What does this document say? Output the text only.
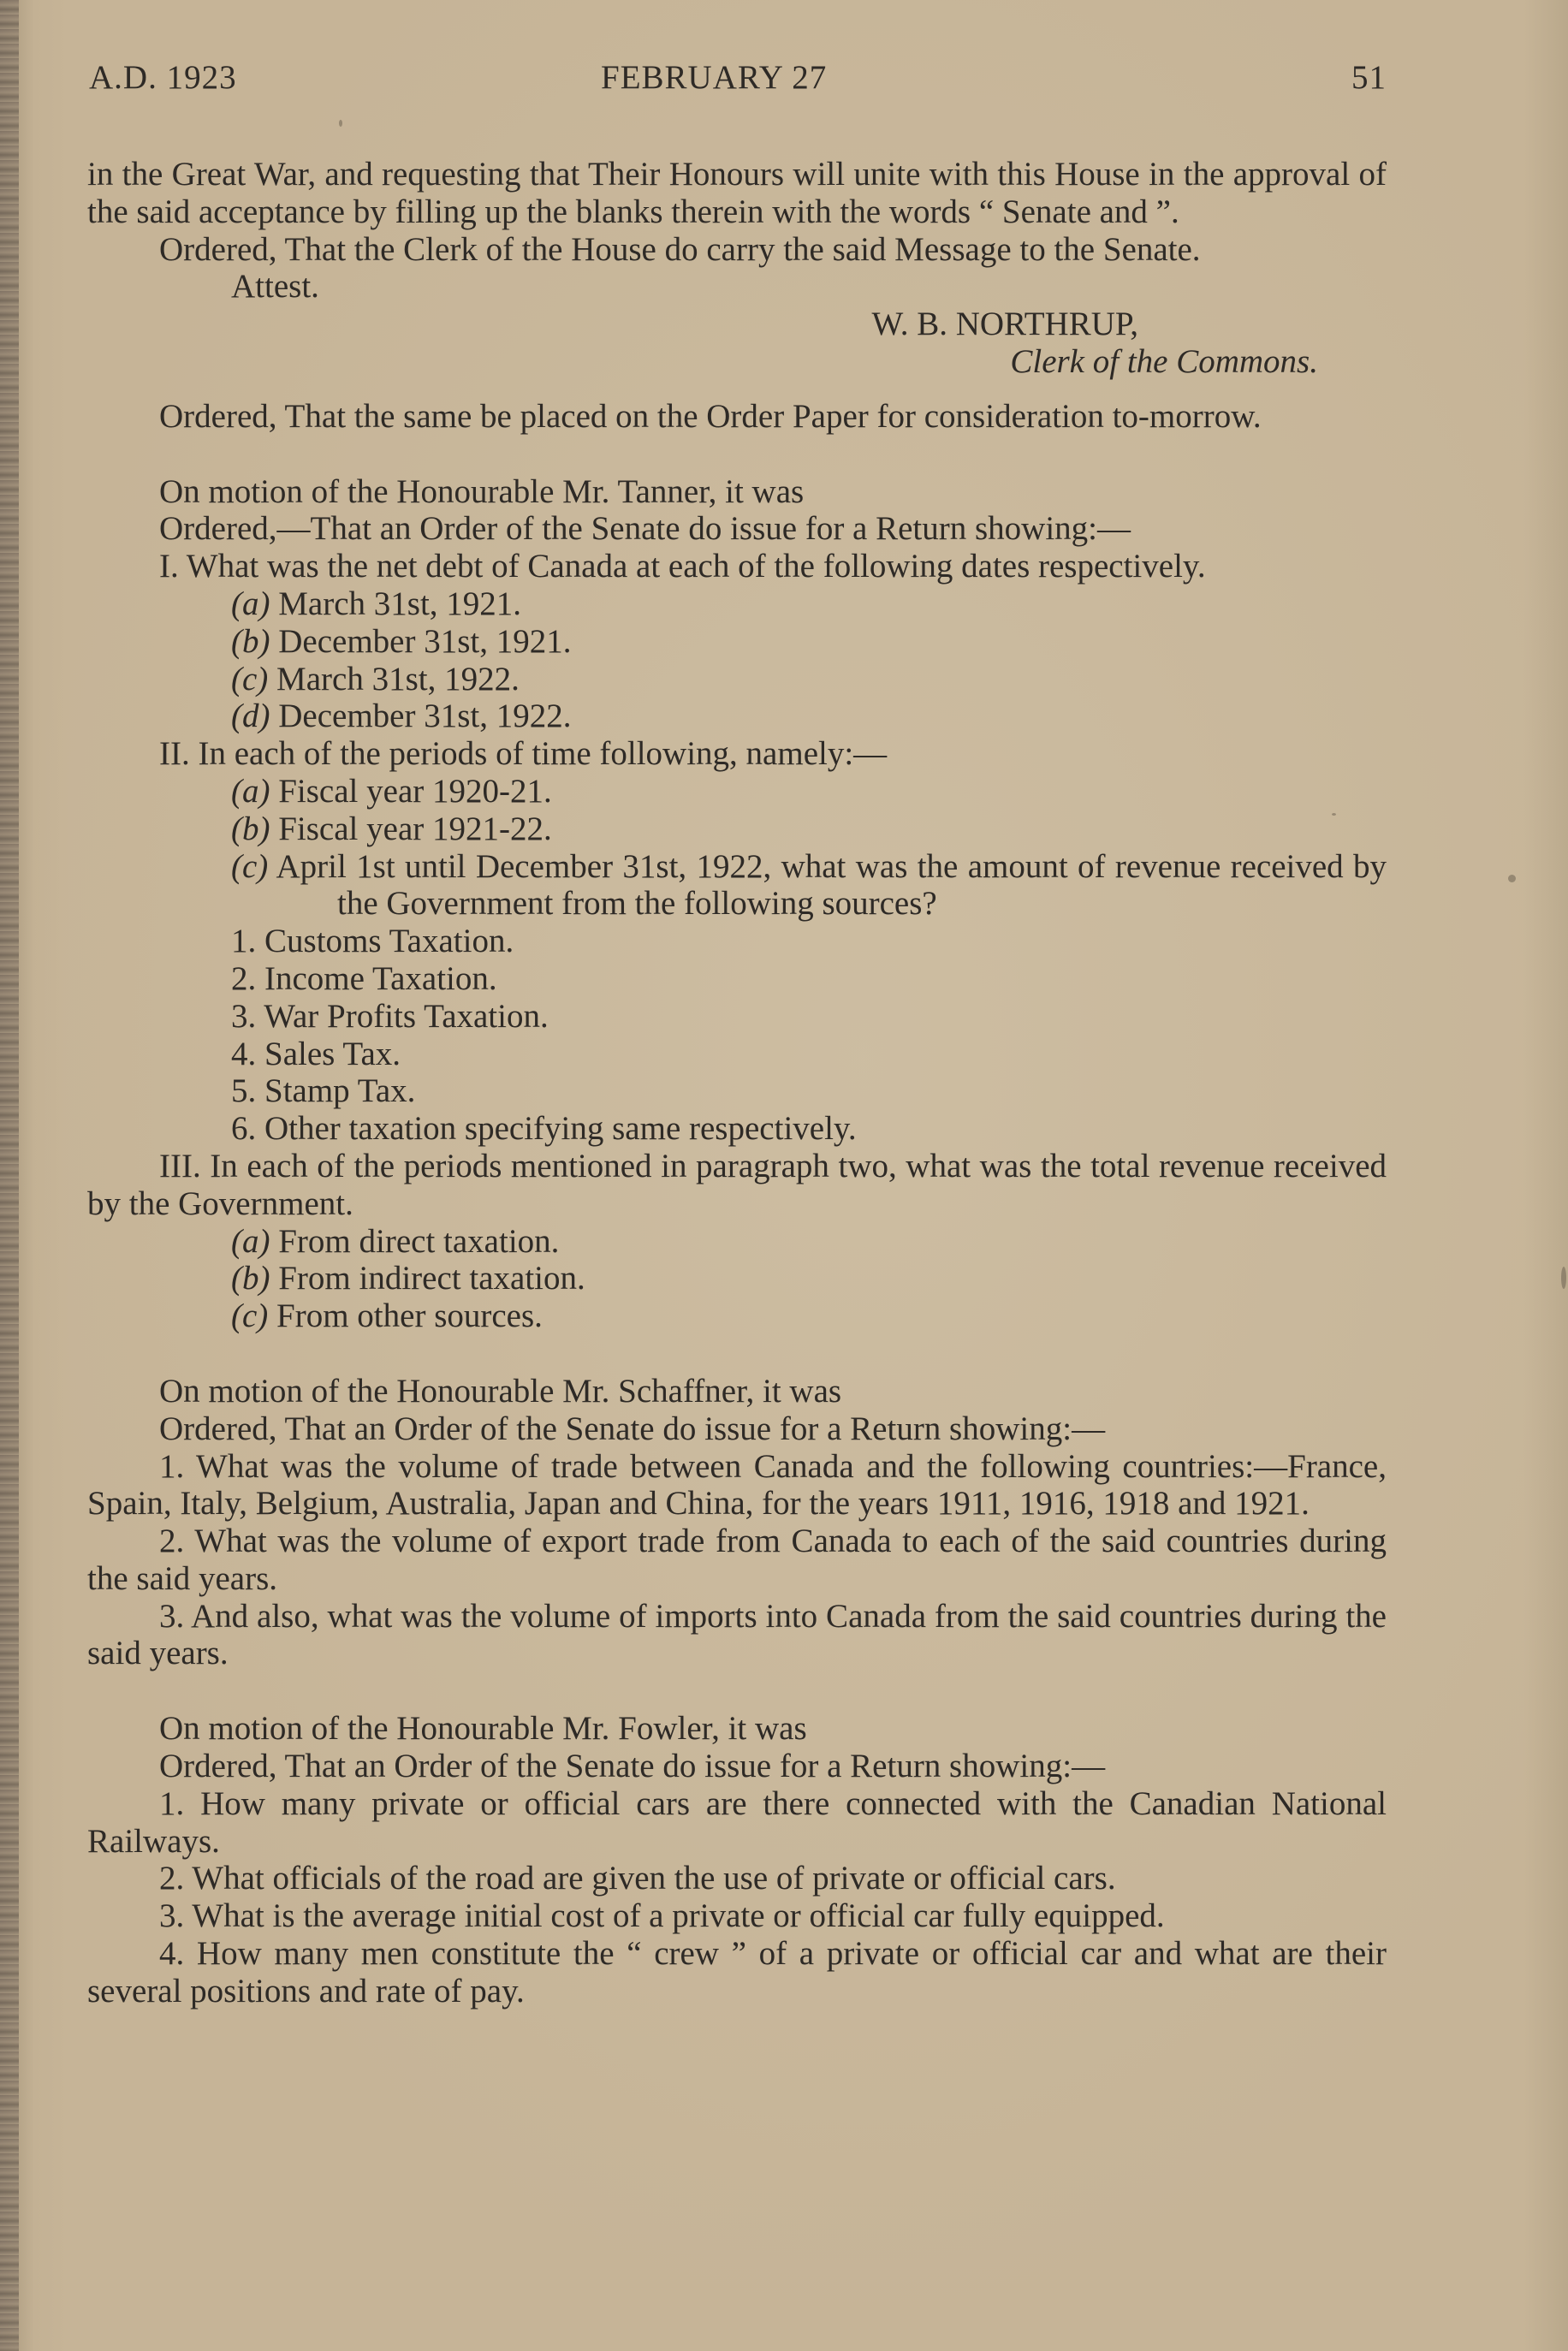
A.D. 1923	FEBRUARY 27	51

in the Great War, and requesting that Their Honours will unite with this House in the approval of the said acceptance by filling up the blanks therein with the words “ Senate and ”.

Ordered, That the Clerk of the House do carry the said Message to the Senate.

Attest.

W. B. NORTHRUP,

Clerk of the Commons.

Ordered, That the same be placed on the Order Paper for consideration to-morrow.

On motion of the Honourable Mr. Tanner, it was

Ordered,—That an Order of the Senate do issue for a Return showing:—

I. What was the net debt of Canada at each of the following dates respectively.

(a) March 31st, 1921.

(b) December 31st, 1921.

(c) March 31st, 1922.

(d) December 31st, 1922.

II. In each of the periods of time following, namely:—

(a) Fiscal year 1920-21.

(b) Fiscal year 1921-22.

(c) April 1st until December 31st, 1922, what was the amount of revenue received by the Government from the following sources?

1. Customs Taxation.

2. Income Taxation.

3. War Profits Taxation.

4. Sales Tax.

5. Stamp Tax.

6. Other taxation specifying same respectively.

III. In each of the periods mentioned in paragraph two, what was the total revenue received by the Government.

(a) From direct taxation.

(b) From indirect taxation.

(c) From other sources.

On motion of the Honourable Mr. Schaffner, it was

Ordered, That an Order of the Senate do issue for a Return showing:—

1. What was the volume of trade between Canada and the following countries:—France, Spain, Italy, Belgium, Australia, Japan and China, for the years 1911, 1916, 1918 and 1921.

2. What was the volume of export trade from Canada to each of the said countries during the said years.

3. And also, what was the volume of imports into Canada from the said countries during the said years.

On motion of the Honourable Mr. Fowler, it was

Ordered, That an Order of the Senate do issue for a Return showing:—

1. How many private or official cars are there connected with the Canadian National Railways.

2. What officials of the road are given the use of private or official cars.

3. What is the average initial cost of a private or official car fully equipped.

4. How many men constitute the “ crew ” of a private or official car and what are their several positions and rate of pay.
